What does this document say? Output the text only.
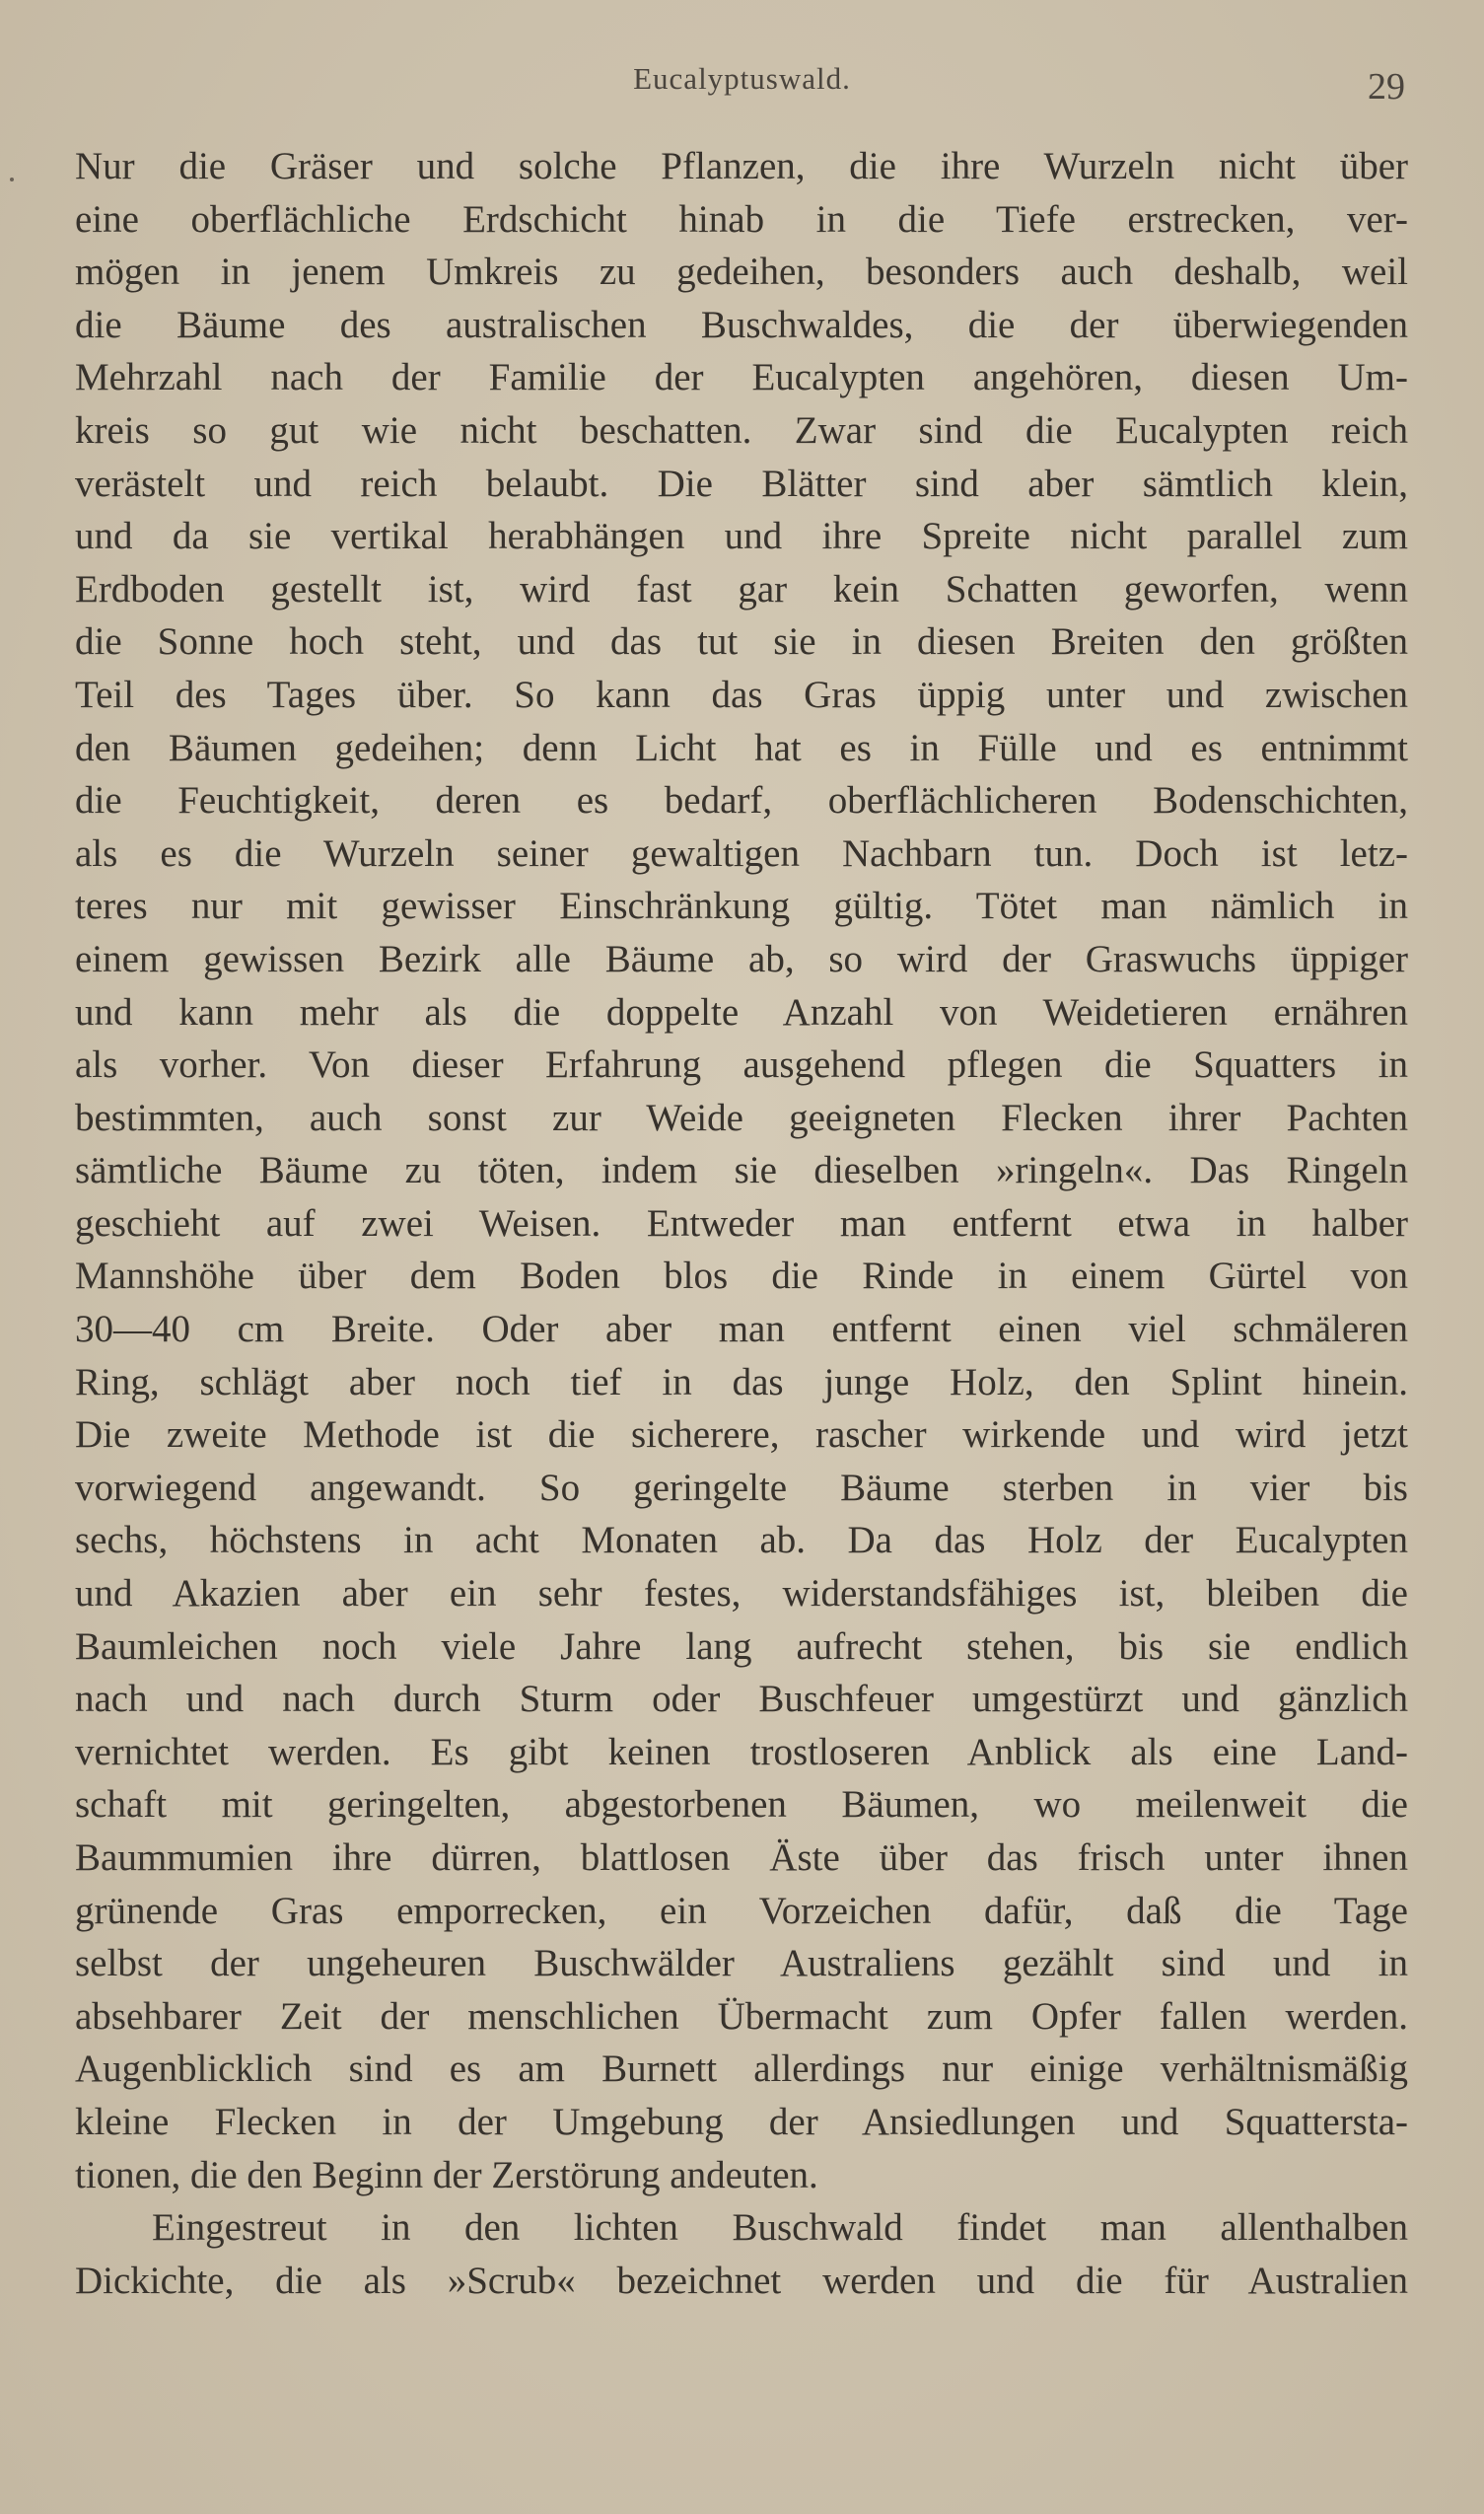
Eucalyptuswald.	29
Nur die Gräser und solche Pflanzen, die ihre Wurzeln nicht über
eine oberflächliche Erdschicht hinab in die Tiefe erstrecken, ver-
mögen in jenem Umkreis zu gedeihen, besonders auch deshalb, weil
die Bäume des australischen Buschwaldes, die der überwiegenden
Mehrzahl nach der Familie der Eucalypten angehören, diesen Um-
kreis so gut wie nicht beschatten. Zwar sind die Eucalypten reich
verästelt und reich belaubt. Die Blätter sind aber sämtlich klein,
und da sie vertikal herabhängen und ihre Spreite nicht parallel zum
Erdboden gestellt ist, wird fast gar kein Schatten geworfen, wenn
die Sonne hoch steht, und das tut sie in diesen Breiten den größten
Teil des Tages über. So kann das Gras üppig unter und zwischen
den Bäumen gedeihen; denn Licht hat es in Fülle und es entnimmt
die Feuchtigkeit, deren es bedarf, oberflächlicheren Bodenschichten,
als es die Wurzeln seiner gewaltigen Nachbarn tun. Doch ist letz-
teres nur mit gewisser Einschränkung gültig. Tötet man nämlich in
einem gewissen Bezirk alle Bäume ab, so wird der Graswuchs üppiger
und kann mehr als die doppelte Anzahl von Weidetieren ernähren
als vorher. Von dieser Erfahrung ausgehend pflegen die Squatters in
bestimmten, auch sonst zur Weide geeigneten Flecken ihrer Pachten
sämtliche Bäume zu töten, indem sie dieselben »ringeln«. Das Ringeln
geschieht auf zwei Weisen. Entweder man entfernt etwa in halber
Mannshöhe über dem Boden blos die Rinde in einem Gürtel von
30—40 cm Breite. Oder aber man entfernt einen viel schmäleren
Ring, schlägt aber noch tief in das junge Holz, den Splint hinein.
Die zweite Methode ist die sicherere, rascher wirkende und wird jetzt
vorwiegend angewandt. So geringelte Bäume sterben in vier bis
sechs, höchstens in acht Monaten ab. Da das Holz der Eucalypten
und Akazien aber ein sehr festes, widerstandsfähiges ist, bleiben die
Baumleichen noch viele Jahre lang aufrecht stehen, bis sie endlich
nach und nach durch Sturm oder Buschfeuer umgestürzt und gänzlich
vernichtet werden. Es gibt keinen trostloseren Anblick als eine Land-
schaft mit geringelten, abgestorbenen Bäumen, wo meilenweit die
Baummumien ihre dürren, blattlosen Äste über das frisch unter ihnen
grünende Gras emporrecken, ein Vorzeichen dafür, daß die Tage
selbst der ungeheuren Buschwälder Australiens gezählt sind und in
absehbarer Zeit der menschlichen Übermacht zum Opfer fallen werden.
Augenblicklich sind es am Burnett allerdings nur einige verhältnismäßig
kleine Flecken in der Umgebung der Ansiedlungen und Squattersta-
tionen, die den Beginn der Zerstörung andeuten.
Eingestreut in den lichten Buschwald findet man allenthalben
Dickichte, die als »Scrub« bezeichnet werden und die für Australien
